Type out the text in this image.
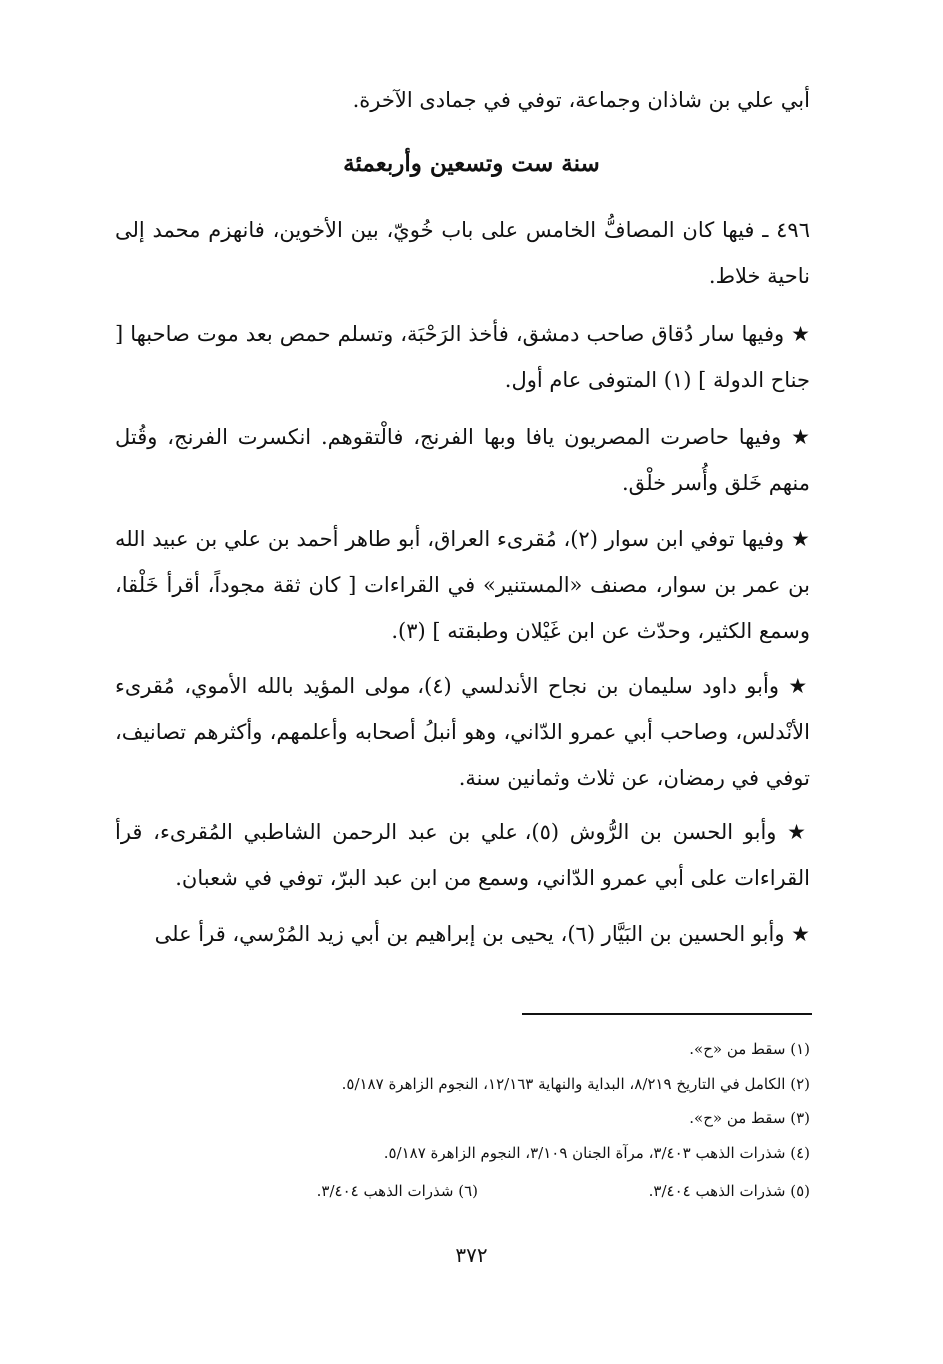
أبي علي بن شاذان وجماعة، توفي في جمادى الآخرة.
سنة ست وتسعين وأربعمئة
٤٩٦ ـ فيها كان المصافُّ الخامس على باب خُويّ، بين الأخوين، فانهزم محمد إلى ناحية خلاط.
★ وفيها سار دُقاق صاحب دمشق، فأخذ الرَحْبَة، وتسلم حمص بعد موت صاحبها [ جناح الدولة ] (١) المتوفى عام أول.
★ وفيها حاصرت المصريون يافا وبها الفرنج، فالْتقوهم. انكسرت الفرنج، وقُتل منهم خَلق وأُسر خلْق.
★ وفيها توفي ابن سوار (٢)، مُقرىء العراق، أبو طاهر أحمد بن علي بن عبيد الله بن عمر بن سوار، مصنف «المستنير» في القراءات [ كان ثقة مجوداً، أقرأ خَلْقا، وسمع الكثير، وحدّث عن ابن غَيْلان وطبقته ] (٣).
★ وأبو داود سليمان بن نجاح الأندلسي (٤)، مولى المؤيد بالله الأموي، مُقرىء الأنْدلس، وصاحب أبي عمرو الدّاني، وهو أنبلُ أصحابه وأعلمهم، وأكثرهم تصانيف، توفي في رمضان، عن ثلاث وثمانين سنة.
★ وأبو الحسن بن الرُّوش (٥)، علي بن عبد الرحمن الشاطبي المُقرىء، قرأ القراءات على أبي عمرو الدّاني، وسمع من ابن عبد البرّ، توفي في شعبان.
★ وأبو الحسين بن البَيَّار (٦)، يحيى بن إبراهيم بن أبي زيد المُرْسي، قرأ على
(١) سقط من «ح».
(٢) الكامل في التاريخ ٨/٢١٩، البداية والنهاية ١٢/١٦٣، النجوم الزاهرة ٥/١٨٧.
(٣) سقط من «ح».
(٤) شذرات الذهب ٣/٤٠٣، مرآة الجنان ٣/١٠٩، النجوم الزاهرة ٥/١٨٧.
(٥) شذرات الذهب ٣/٤٠٤.
(٦) شذرات الذهب ٣/٤٠٤.
٣٧٢
